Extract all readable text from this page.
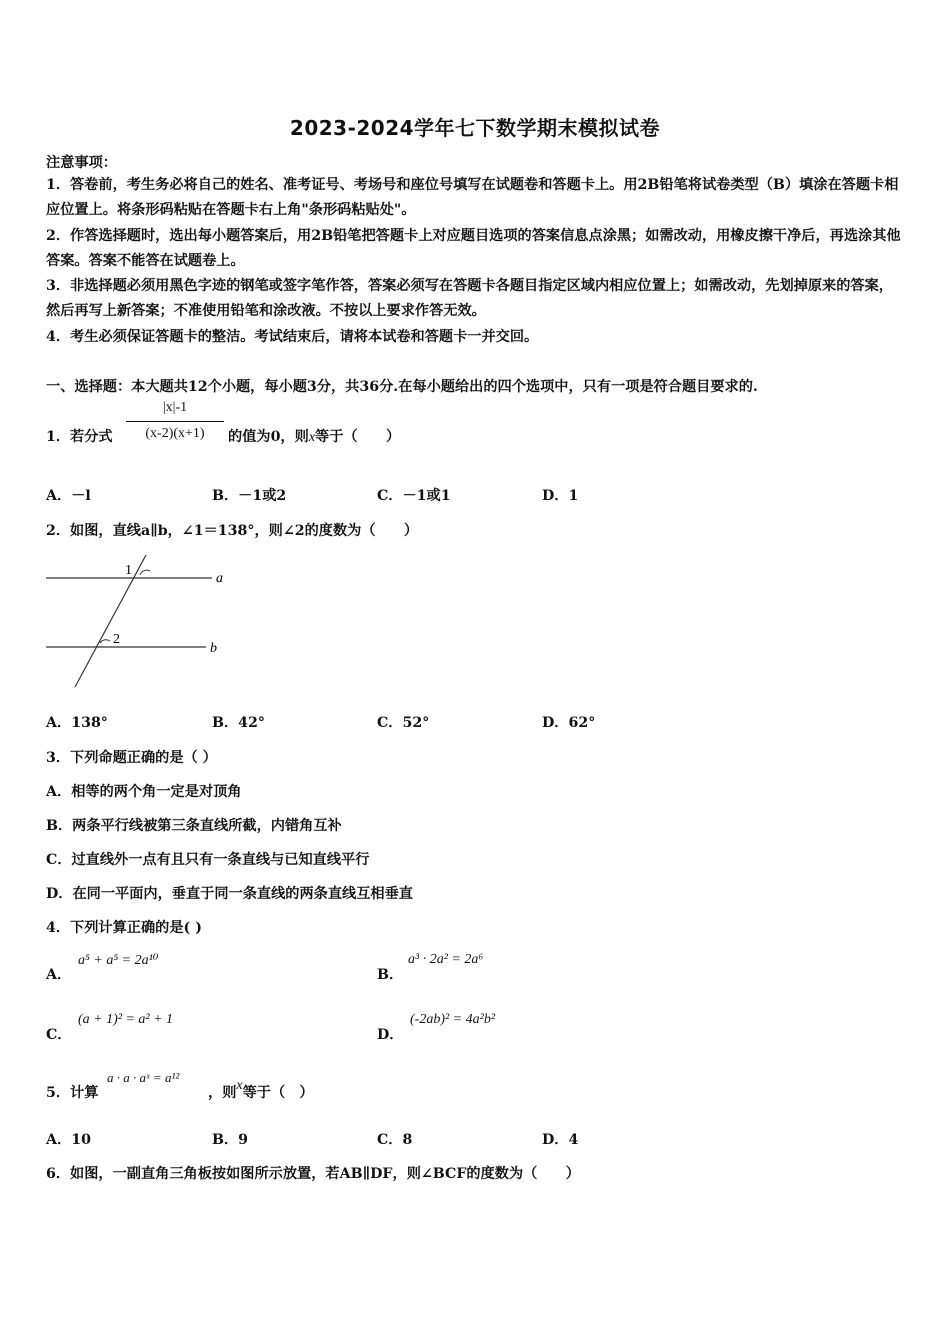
2023-2024学年七下数学期末模拟试卷
注意事项：
1．答卷前，考生务必将自己的姓名、准考证号、考场号和座位号填写在试题卷和答题卡上。用2B铅笔将试卷类型（B）填涂在答题卡相应位置上。将条形码粘贴在答题卡右上角"条形码粘贴处"。
2．作答选择题时，选出每小题答案后，用2B铅笔把答题卡上对应题目选项的答案信息点涂黑；如需改动，用橡皮擦干净后，再选涂其他答案。答案不能答在试题卷上。
3．非选择题必须用黑色字迹的钢笔或签字笔作答，答案必须写在答题卡各题目指定区域内相应位置上；如需改动，先划掉原来的答案，然后再写上新答案；不准使用铅笔和涂改液。不按以上要求作答无效。
4．考生必须保证答题卡的整洁。考试结束后，请将本试卷和答题卡一并交回。
一、选择题：本大题共12个小题，每小题3分，共36分.在每小题给出的四个选项中，只有一项是符合题目要求的.
1．若分式
|x|-1
(x-2)(x+1)	的值为0，则x等于（　　）
A．－l	B．－1或2	C．－1或1	D．1
2．如图，直线a∥b，∠1＝138°，则∠2的度数为（　　）
1
2
a
b
A．138°	B．42°	C．52°	D．62°
3．下列命题正确的是（ ）
A．相等的两个角一定是对顶角
B．两条平行线被第三条直线所截，内错角互补
C．过直线外一点有且只有一条直线与已知直线平行
D．在同一平面内，垂直于同一条直线的两条直线互相垂直
4．下列计算正确的是( )
A．
a⁵ + a⁵ = 2a¹⁰
B．
a³ · 2a² = 2a⁶
C．
(a + 1)² = a² + 1
D．
(-2ab)² = 4a²b²
5．计算
a · a · aˣ = a¹²
，则x等于（　）
A．10	B．9	C．8	D．4
6．如图，一副直角三角板按如图所示放置，若AB∥DF，则∠BCF的度数为（　　）
